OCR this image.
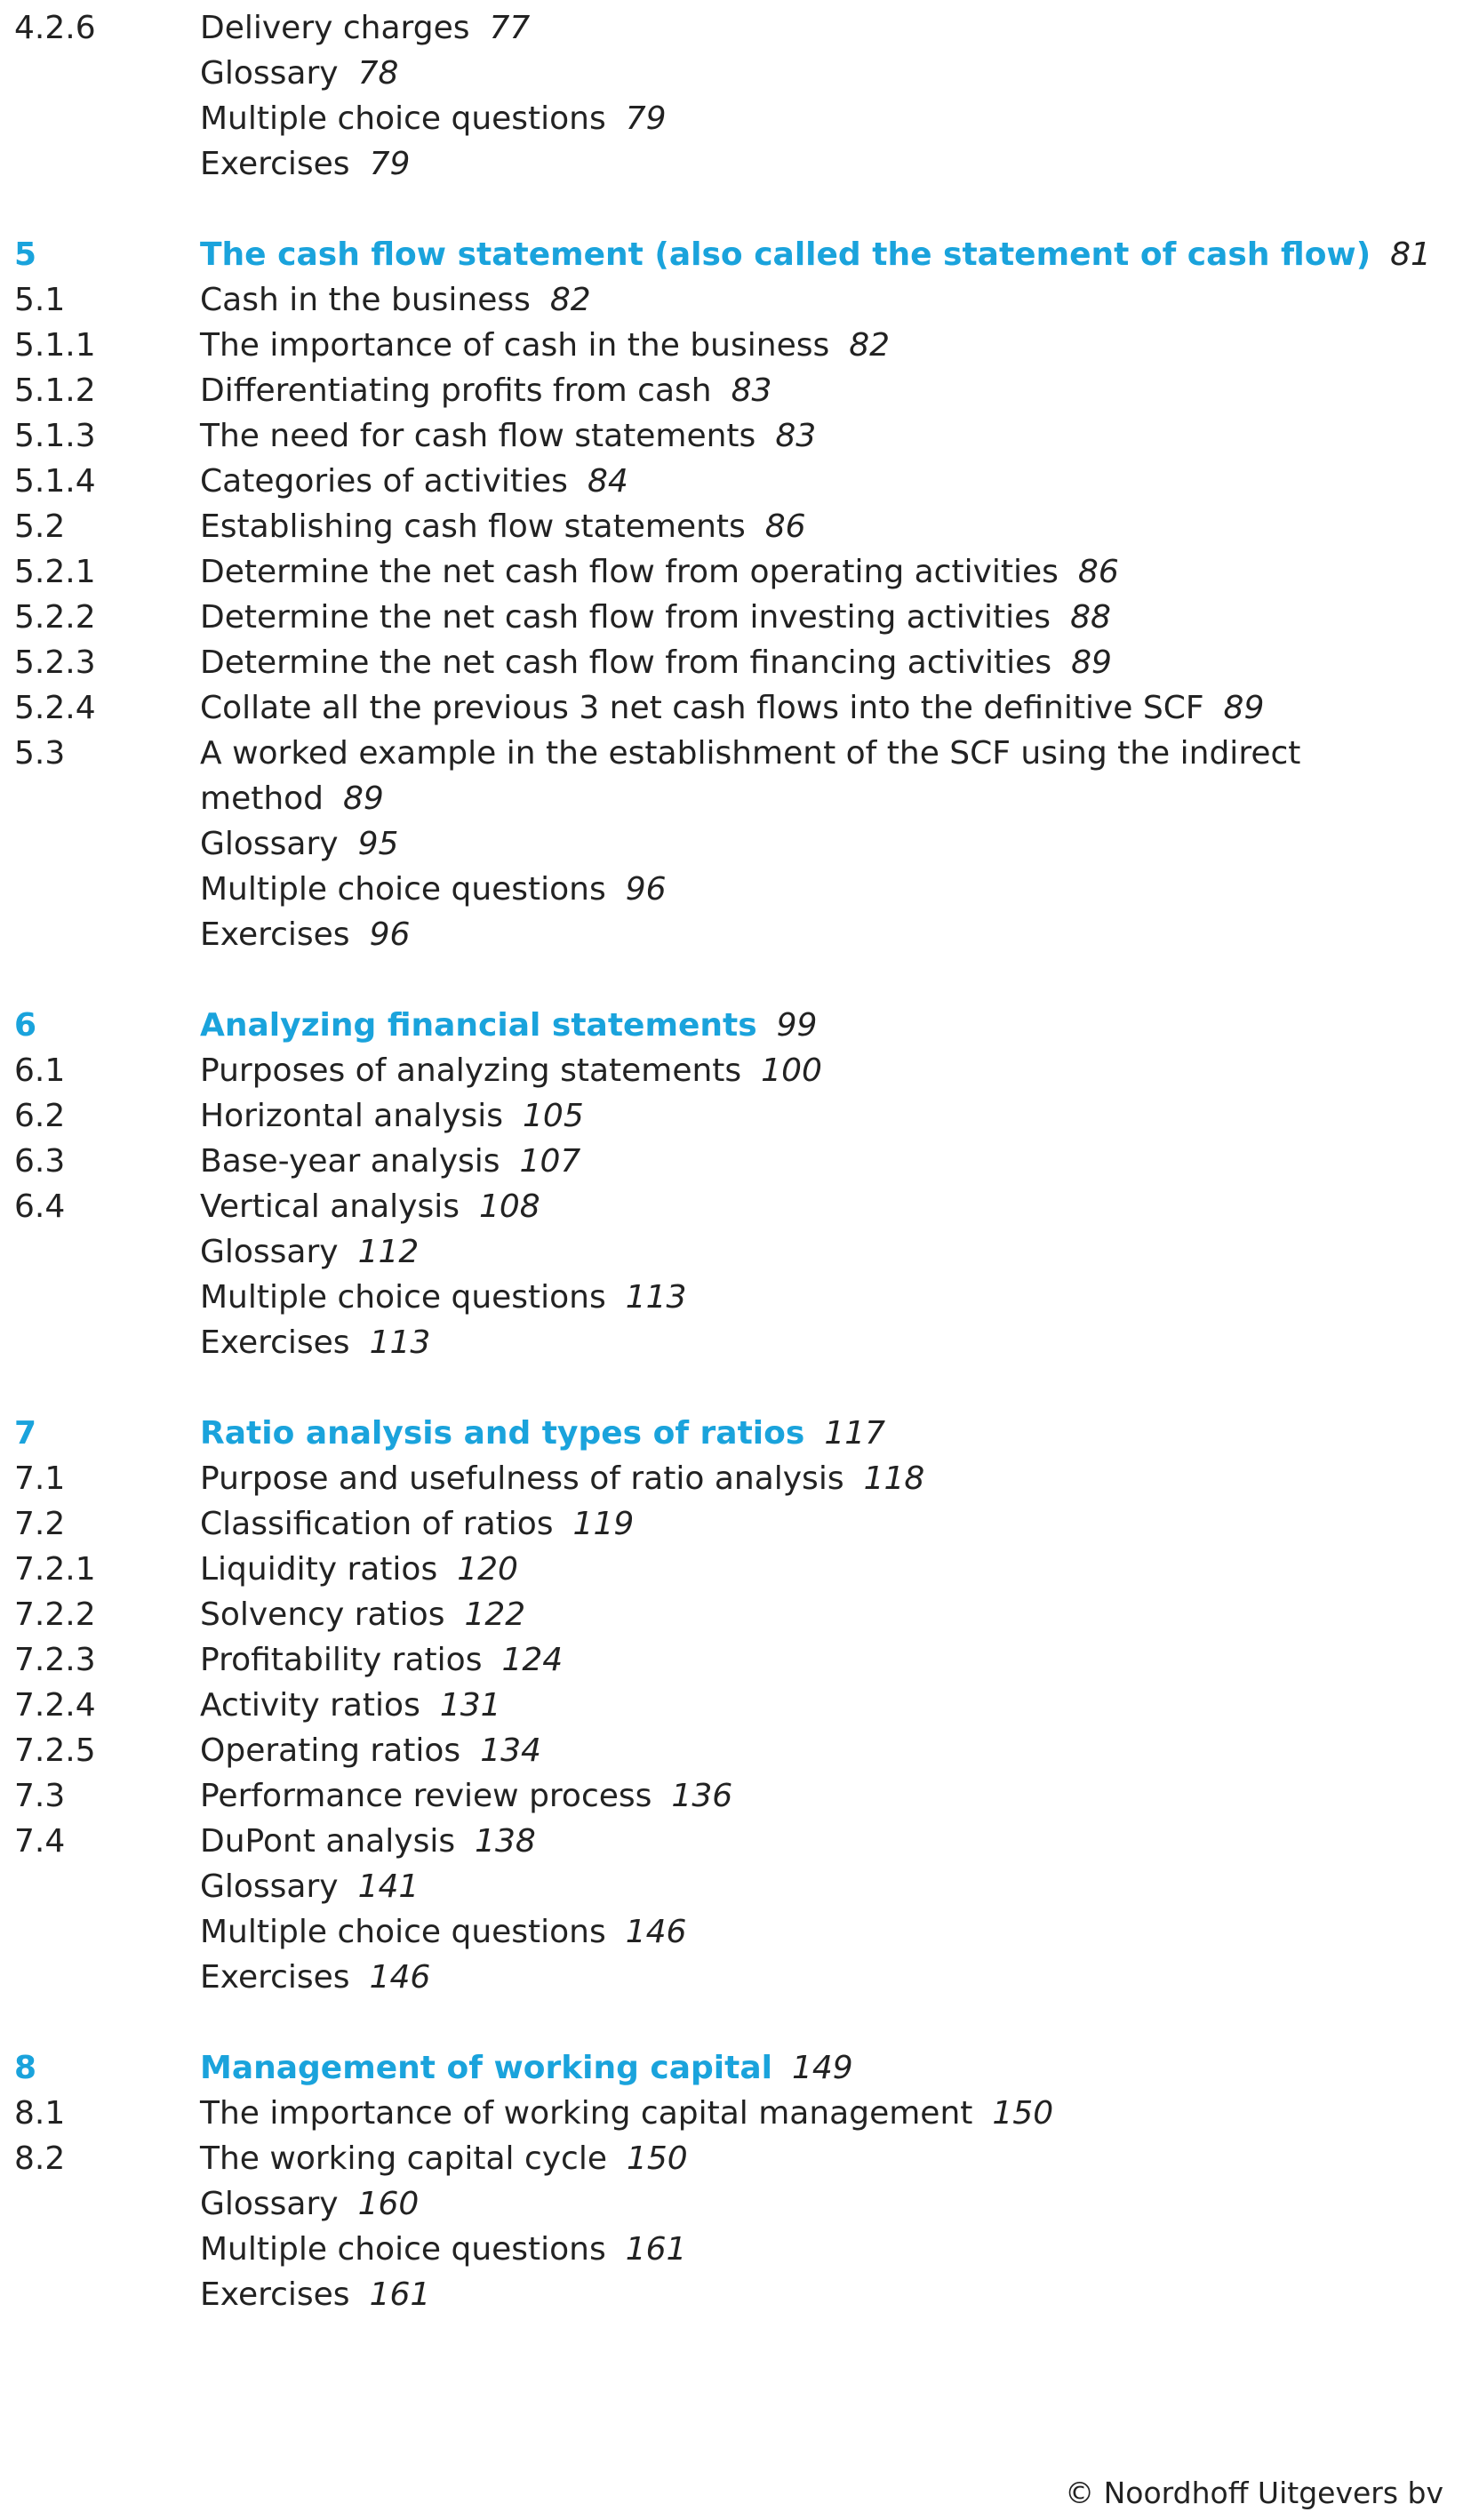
4.2.6	Delivery charges 77
Glossary 78
Multiple choice questions 79
Exercises 79
5	The cash flow statement (also called the statement of cash flow) 81
5.1	Cash in the business 82
5.1.1	The importance of cash in the business 82
5.1.2	Differentiating profits from cash 83
5.1.3	The need for cash flow statements 83
5.1.4	Categories of activities 84
5.2	Establishing cash flow statements 86
5.2.1	Determine the net cash flow from operating activities 86
5.2.2	Determine the net cash flow from investing activities 88
5.2.3	Determine the net cash flow from financing activities 89
5.2.4	Collate all the previous 3 net cash flows into the definitive SCF 89
5.3	A worked example in the establishment of the SCF using the indirect
method 89
Glossary 95
Multiple choice questions 96
Exercises 96
6	Analyzing financial statements 99
6.1	Purposes of analyzing statements 100
6.2	Horizontal analysis 105
6.3	Base-year analysis 107
6.4	Vertical analysis 108
Glossary 112
Multiple choice questions 113
Exercises 113
7	Ratio analysis and types of ratios 117
7.1	Purpose and usefulness of ratio analysis 118
7.2	Classification of ratios 119
7.2.1	Liquidity ratios 120
7.2.2	Solvency ratios 122
7.2.3	Profitability ratios 124
7.2.4	Activity ratios 131
7.2.5	Operating ratios 134
7.3	Performance review process 136
7.4	DuPont analysis 138
Glossary 141
Multiple choice questions 146
Exercises 146
8	Management of working capital 149
8.1	The importance of working capital management 150
8.2	The working capital cycle 150
Glossary 160
Multiple choice questions 161
Exercises 161
© Noordhoff Uitgevers bv
